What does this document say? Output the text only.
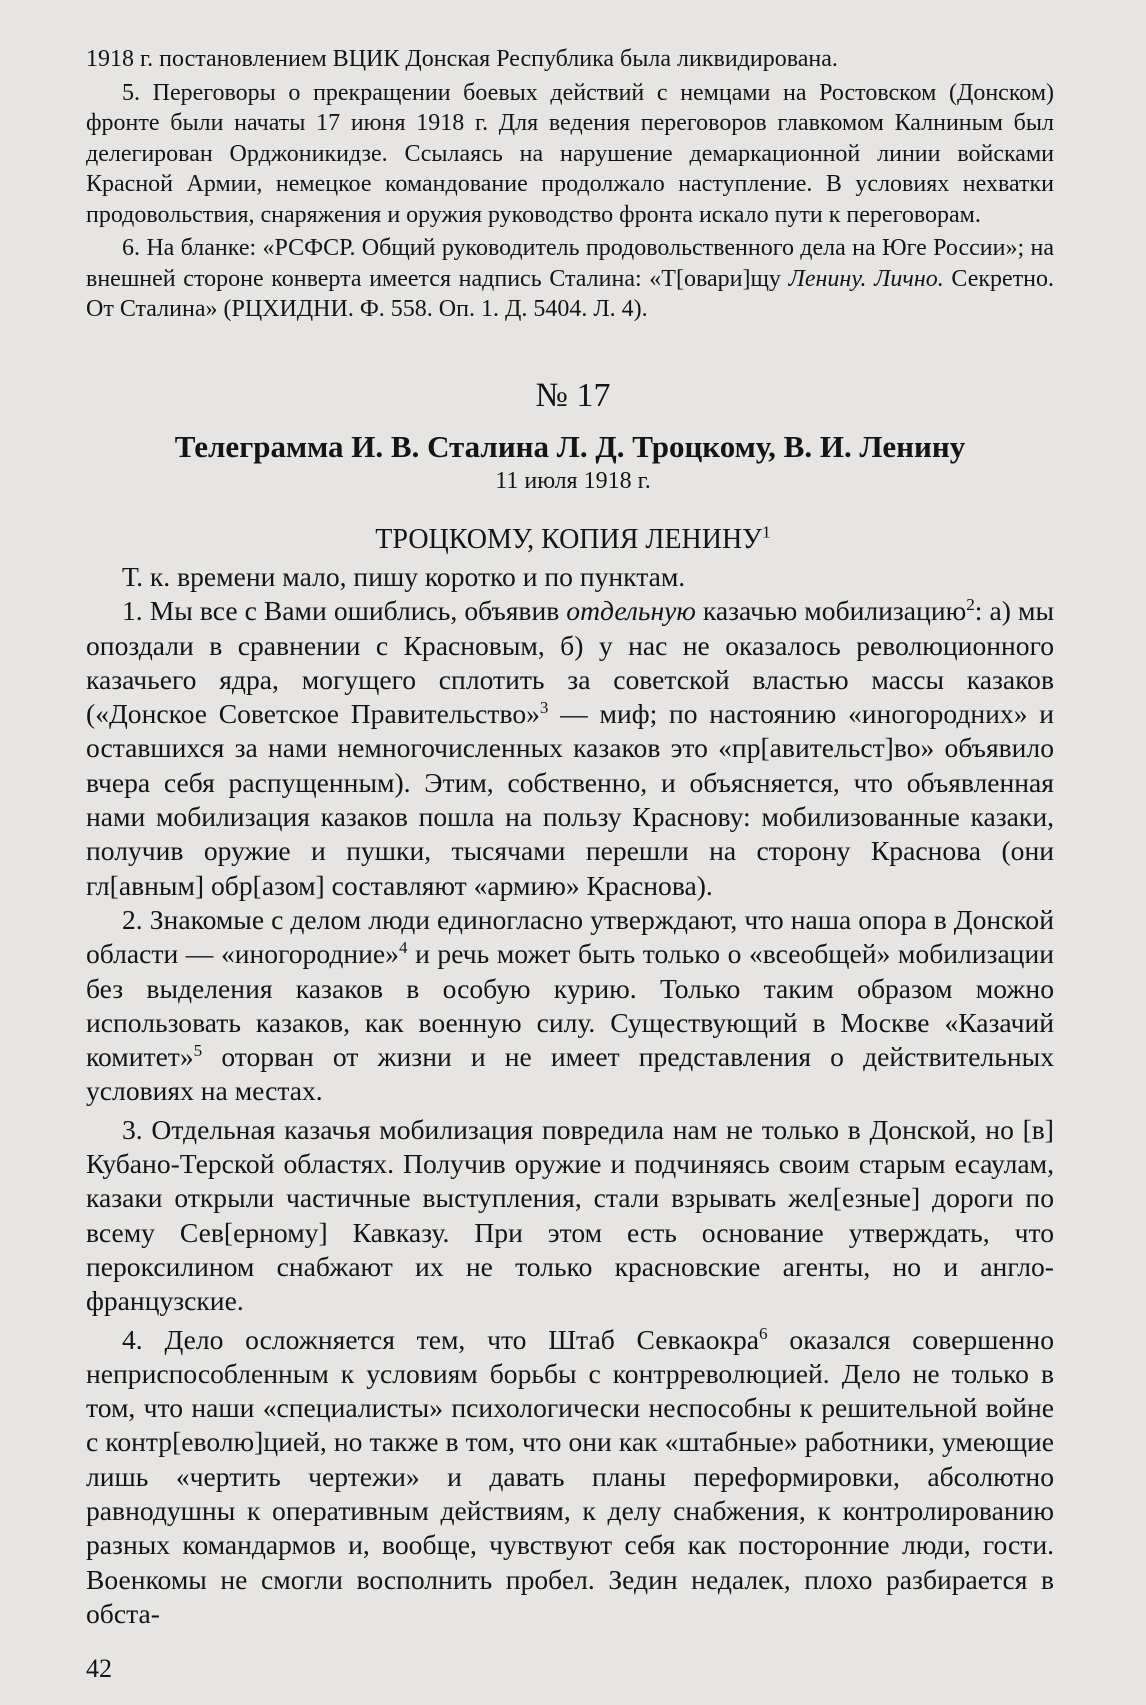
1918 г. постановлением ВЦИК Донская Республика была ликвидирована.

5. Переговоры о прекращении боевых действий с немцами на Ростовском (Донском) фронте были начаты 17 июня 1918 г. Для ведения переговоров главкомом Калниным был делегирован Орджоникидзе. Ссылаясь на нарушение демаркационной линии войсками Красной Армии, немецкое командование продолжало наступление. В условиях нехватки продовольствия, снаряжения и оружия руководство фронта искало пути к переговорам.

6. На бланке: «РСФСР. Общий руководитель продовольственного дела на Юге России»; на внешней стороне конверта имеется надпись Сталина: «Т[овари]щу Ленину. Лично. Секретно. От Сталина» (РЦХИДНИ. Ф. 558. Оп. 1. Д. 5404. Л. 4).

№ 17
Телеграмма И. В. Сталина Л. Д. Троцкому, В. И. Ленину
11 июля 1918 г.
ТРОЦКОМУ, КОПИЯ ЛЕНИНУ$^1$

Т. к. времени мало, пишу коротко и по пунктам.

1. Мы все с Вами ошиблись, объявив отдельную казачью мобилизацию$^2$: а) мы опоздали в сравнении с Красновым, б) у нас не оказалось революционного казачьего ядра, могущего сплотить за советской властью массы казаков («Донское Советское Правительство»$^3$ — миф; по настоянию «иногородних» и оставшихся за нами немногочисленных казаков это «пр[авительст]во» объявило вчера себя распущенным). Этим, собственно, и объясняется, что объявленная нами мобилизация казаков пошла на пользу Краснову: мобилизованные казаки, получив оружие и пушки, тысячами перешли на сторону Краснова (они гл[авным] обр[азом] составляют «армию» Краснова).

2. Знакомые с делом люди единогласно утверждают, что наша опора в Донской области — «иногородние»$^4$ и речь может быть только о «всеобщей» мобилизации без выделения казаков в особую курию. Только таким образом можно использовать казаков, как военную силу. Существующий в Москве «Казачий комитет»$^5$ оторван от жизни и не имеет представления о действительных условиях на местах.

3. Отдельная казачья мобилизация повредила нам не только в Донской, но [в] Кубано-Терской областях. Получив оружие и подчиняясь своим старым есаулам, казаки открыли частичные выступления, стали взрывать жел[езные] дороги по всему Сев[ерному] Кавказу. При этом есть основание утверждать, что пероксилином снабжают их не только красновские агенты, но и англо-французские.

4. Дело осложняется тем, что Штаб Севкаокра$^6$ оказался совершенно неприспособленным к условиям борьбы с контрреволюцией. Дело не только в том, что наши «специалисты» психологически неспособны к решительной войне с контр[еволю]цией, но также в том, что они как «штабные» работники, умеющие лишь «чертить чертежи» и давать планы переформировки, абсолютно равнодушны к оперативным действиям, к делу снабжения, к контролированию разных командармов и, вообще, чувствуют себя как посторонние люди, гости. Военкомы не смогли восполнить пробел. Зедин недалек, плохо разбирается в обста-

42
